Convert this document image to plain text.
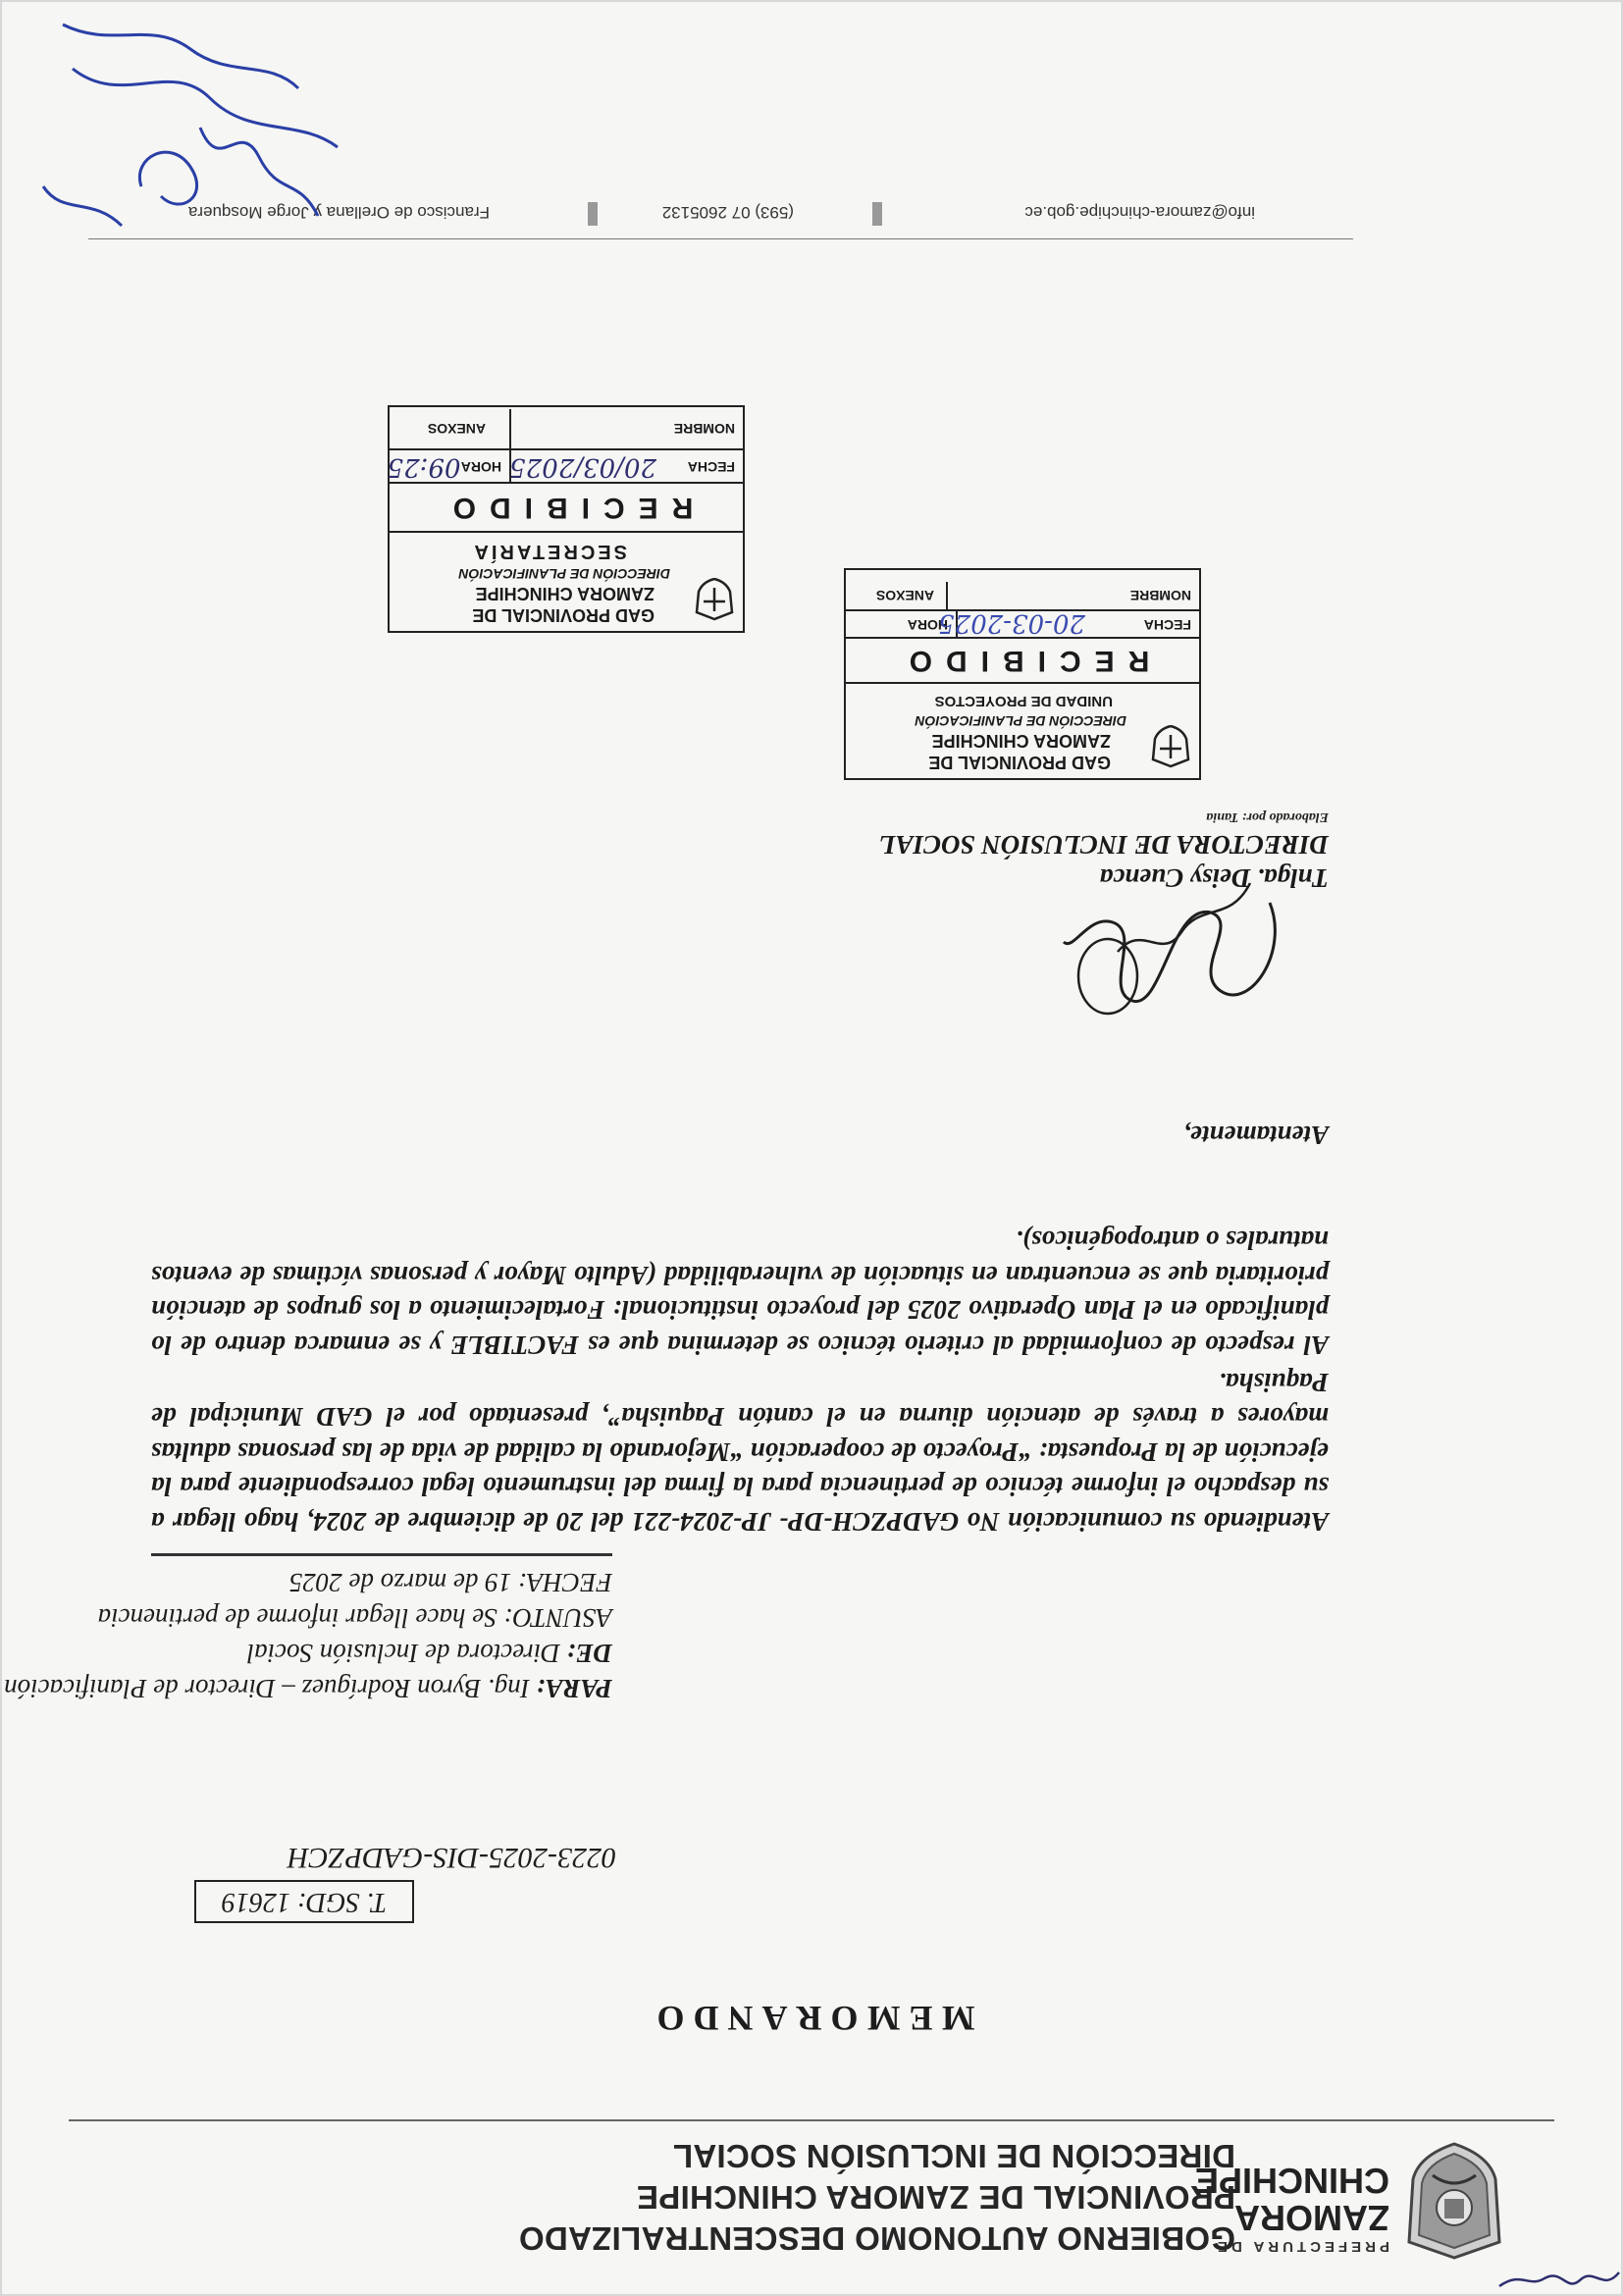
PREFECTURA DE
ZAMORA
CHINCHIPE
GOBIERNO AUTONOMO DESCENTRALIZADO
PROVINCIAL DE ZAMORA CHINCHIPE
DIRECCIÓN DE INCLUSIÓN SOCIAL
MEMORANDO
T. SGD: 12619
0223-2025-DIS-GADPZCH
PARA: Ing. Byron Rodríguez – Director de Planificación
DE: Directora de Inclusión Social
ASUNTO: Se hace llegar informe de pertinencia
FECHA: 19 de marzo de 2025
Atendiendo su comunicación No GADPZCH-DP- JP-2024-221 del 20 de diciembre de 2024, hago llegar a su despacho el informe técnico de pertinencia para la firma del instrumento legal correspondiente para la ejecución de la Propuesta: “Proyecto de cooperación “Mejorando la calidad de vida de las personas adultas mayores a través de atención diurna en el cantón Paquisha”, presentado por el GAD Municipal de Paquisha.
Al respecto de conformidad al criterio técnico se determina que es FACTIBLE y se enmarca dentro de lo planificado en el Plan Operativo 2025 del proyecto institucional: Fortalecimiento a los grupos de atención prioritaria que se encuentran en situación de vulnerabilidad (Adulto Mayor y personas víctimas de eventos naturales o antropogénicos).
Atentamente,
Tnlga. Deisy Cuenca
DIRECTORA DE INCLUSIÓN SOCIAL
Elaborado por: Tania
GAD PROVINCIAL DE
ZAMORA CHINCHIPE
DIRECCIÓN DE PLANIFICACIÓN
UNIDAD DE PROYECTOS
RECIBIDO
FECHA
HORA
NOMBRE
ANEXOS
20-03-2025
GAD PROVINCIAL DE
ZAMORA CHINCHIPE
DIRECCIÓN DE PLANIFICACIÓN
SECRETARÍA
RECIBIDO
FECHA
HORA
NOMBRE
ANEXOS
20/03/2025      09:25
Francisco de Orellana y Jorge Mosquera	(593) 07 2605132	info@zamora-chinchipe.gob.ec
